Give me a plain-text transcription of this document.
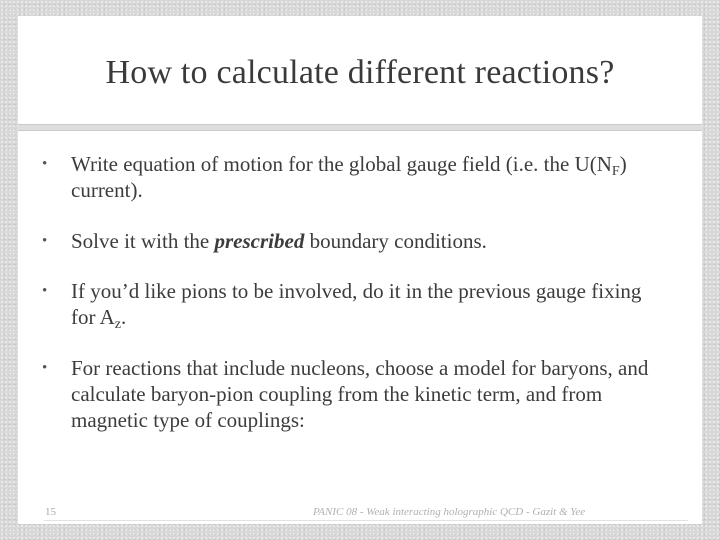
How to calculate different reactions?
•	Write equation of motion for the global gauge field (i.e. the $U(N_F)$ current).
•	Solve it with the prescribed boundary conditions.
•	If you’d like pions to be involved, do it in the previous gauge fixing for $A_z$.
•	For reactions that include nucleons, choose a model for baryons, and calculate baryon-pion coupling from the kinetic term, and from magnetic type of couplings:
15	PANIC 08 - Weak interacting holographic QCD - Gazit & Yee
